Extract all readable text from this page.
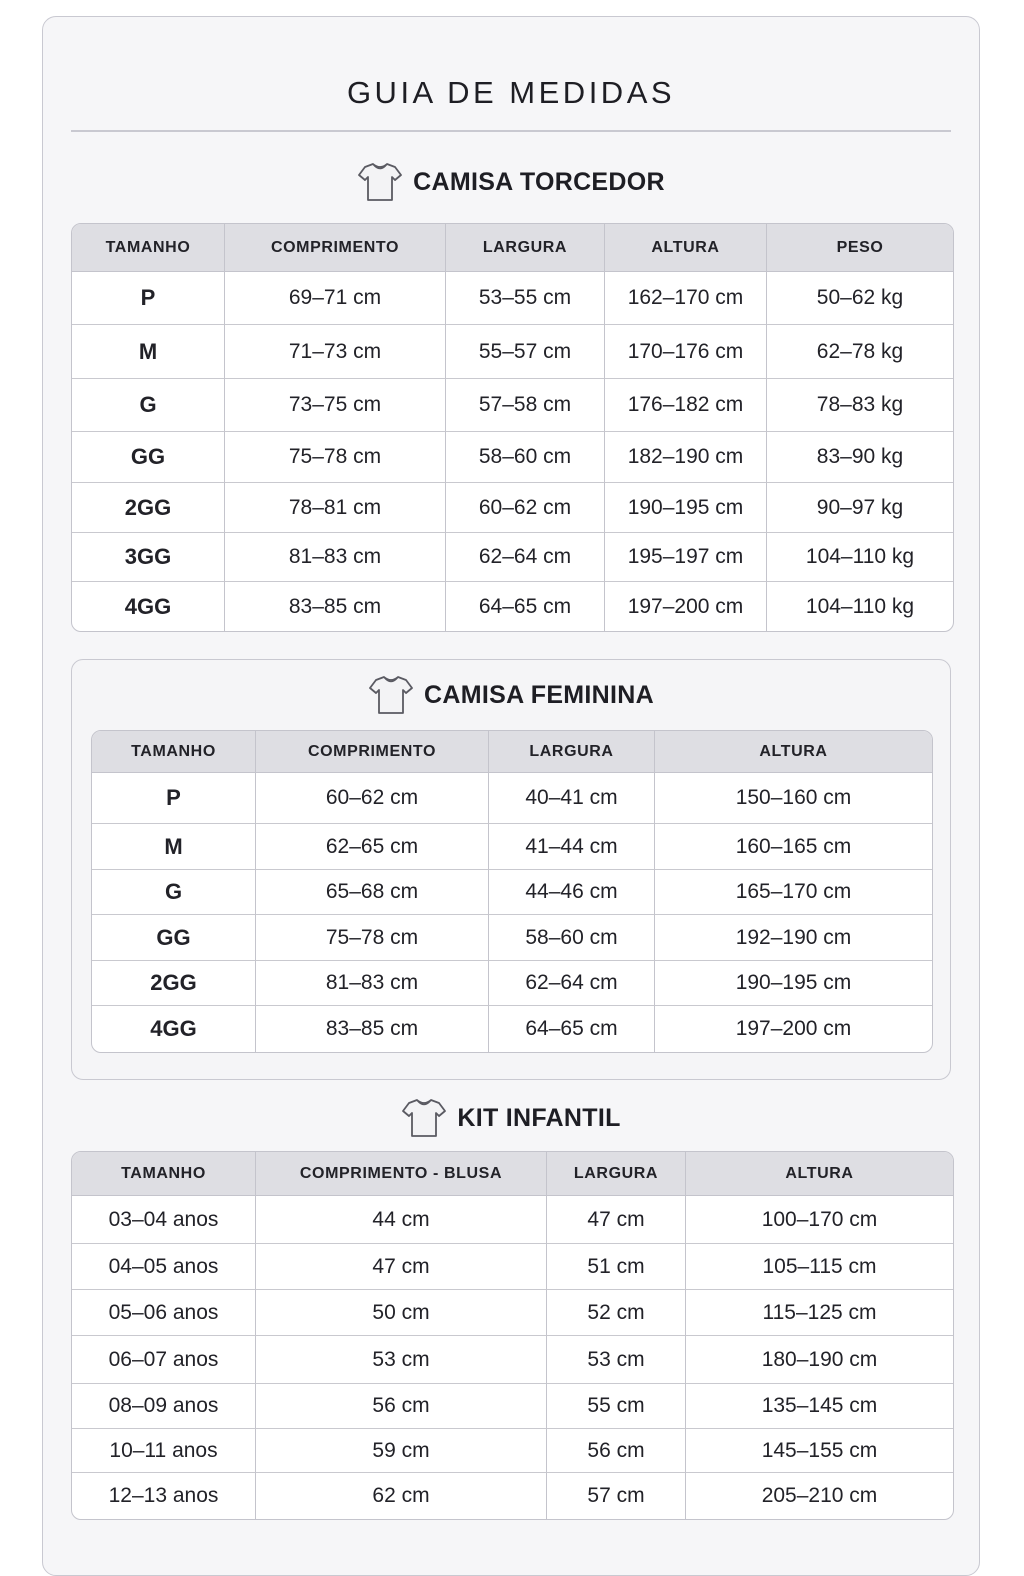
GUIA DE MEDIDAS
CAMISA TORCEDOR
TAMANHO	COMPRIMENTO	LARGURA	ALTURA	PESO
P	69–71 cm	53–55 cm	162–170 cm	50–62 kg
M	71–73 cm	55–57 cm	170–176 cm	62–78 kg
G	73–75 cm	57–58 cm	176–182 cm	78–83 kg
GG	75–78 cm	58–60 cm	182–190 cm	83–90 kg
2GG	78–81 cm	60–62 cm	190–195 cm	90–97 kg
3GG	81–83 cm	62–64 cm	195–197 cm	104–110 kg
4GG	83–85 cm	64–65 cm	197–200 cm	104–110 kg
CAMISA FEMININA
TAMANHO	COMPRIMENTO	LARGURA	ALTURA
P	60–62 cm	40–41 cm	150–160 cm
M	62–65 cm	41–44 cm	160–165 cm
G	65–68 cm	44–46 cm	165–170 cm
GG	75–78 cm	58–60 cm	192–190 cm
2GG	81–83 cm	62–64 cm	190–195 cm
4GG	83–85 cm	64–65 cm	197–200 cm
KIT INFANTIL
TAMANHO	COMPRIMENTO - BLUSA	LARGURA	ALTURA
03–04 anos	44 cm	47 cm	100–170 cm
04–05 anos	47 cm	51 cm	105–115 cm
05–06 anos	50 cm	52 cm	115–125 cm
06–07 anos	53 cm	53 cm	180–190 cm
08–09 anos	56 cm	55 cm	135–145 cm
10–11 anos	59 cm	56 cm	145–155 cm
12–13 anos	62 cm	57 cm	205–210 cm
